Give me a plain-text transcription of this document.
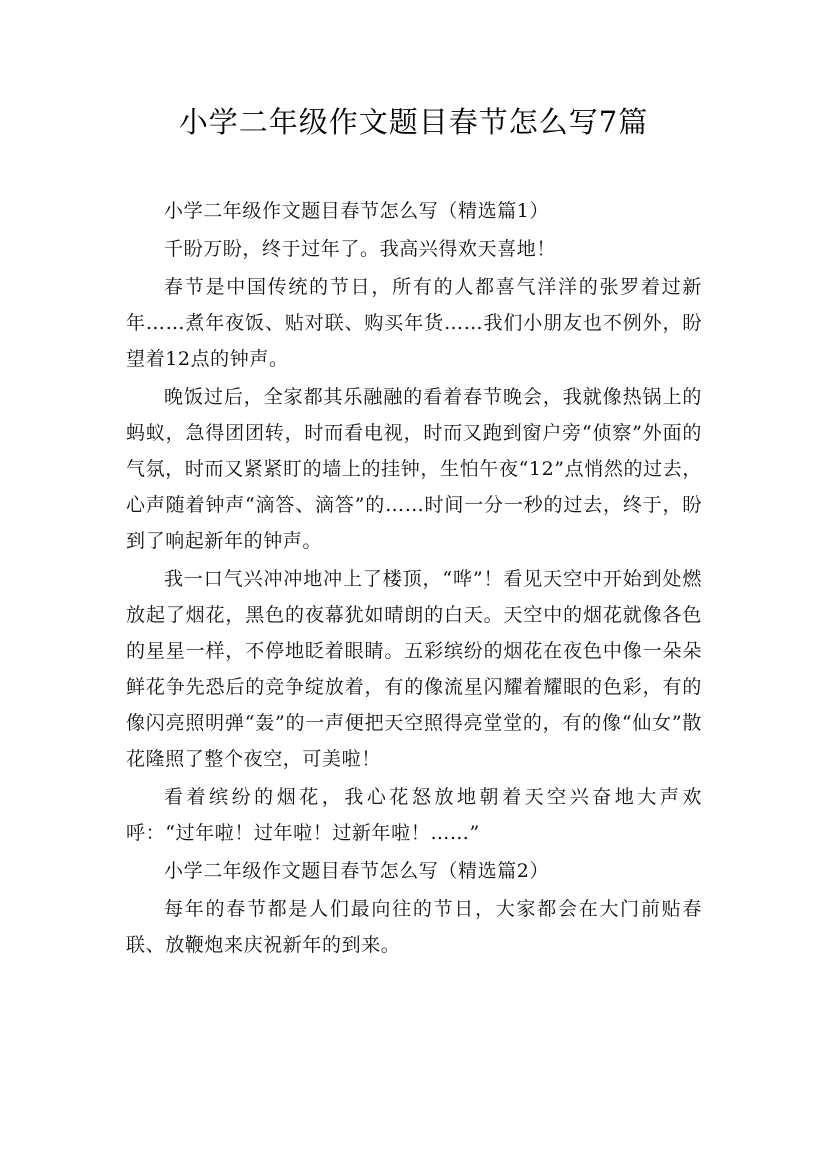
小学二年级作文题目春节怎么写7篇

小学二年级作文题目春节怎么写（精选篇1）

千盼万盼，终于过年了。我高兴得欢天喜地！

春节是中国传统的节日，所有的人都喜气洋洋的张罗着过新年……煮年夜饭、贴对联、购买年货……我们小朋友也不例外，盼望着12点的钟声。

晚饭过后，全家都其乐融融的看着春节晚会，我就像热锅上的蚂蚁，急得团团转，时而看电视，时而又跑到窗户旁“侦察”外面的气氛，时而又紧紧盯的墙上的挂钟，生怕午夜“12”点悄然的过去，心声随着钟声“滴答、滴答”的……时间一分一秒的过去，终于，盼到了响起新年的钟声。

我一口气兴冲冲地冲上了楼顶，“哗”！看见天空中开始到处燃放起了烟花，黑色的夜幕犹如晴朗的白天。天空中的烟花就像各色的星星一样，不停地眨着眼睛。五彩缤纷的烟花在夜色中像一朵朵鲜花争先恐后的竞争绽放着，有的像流星闪耀着耀眼的色彩，有的像闪亮照明弹“轰”的一声便把天空照得亮堂堂的，有的像“仙女”散花隆照了整个夜空，可美啦！

看着缤纷的烟花，我心花怒放地朝着天空兴奋地大声欢呼：“过年啦！过年啦！过新年啦！……”

小学二年级作文题目春节怎么写（精选篇2）

每年的春节都是人们最向往的节日，大家都会在大门前贴春联、放鞭炮来庆祝新年的到来。
